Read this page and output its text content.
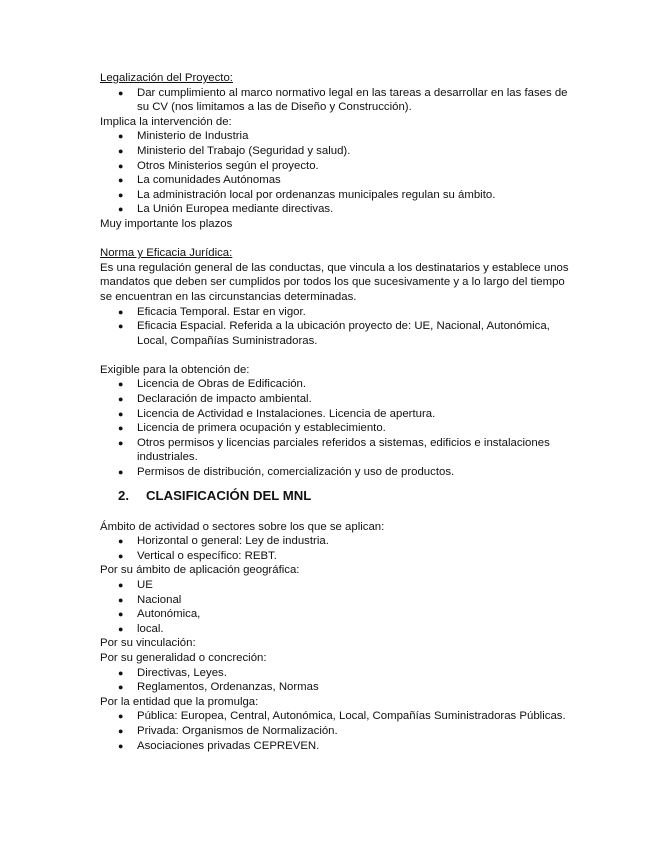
Legalización del Proyecto:

● Dar cumplimiento al marco normativo legal en las tareas a desarrollar en las fases de su CV (nos limitamos a las de Diseño y Construcción).

Implica la intervención de:

● Ministerio de Industria
● Ministerio del Trabajo (Seguridad y salud).
● Otros Ministerios según el proyecto.
● La comunidades Autónomas
● La administración local por ordenanzas municipales regulan su ámbito.
● La Unión Europea mediante directivas.

Muy importante los plazos

Norma y Eficacia Jurídica:

Es una regulación general de las conductas, que vincula a los destinatarios y establece unos mandatos que deben ser cumplidos por todos los que sucesivamente y a lo largo del tiempo se encuentran en las circunstancias determinadas.

● Eficacia Temporal. Estar en vigor.
● Eficacia Espacial. Referida a la ubicación proyecto de: UE, Nacional, Autonómica, Local, Compañías Suministradoras.

Exigible para la obtención de:

● Licencia de Obras de Edificación.
● Declaración de impacto ambiental.
● Licencia de Actividad e Instalaciones. Licencia de apertura.
● Licencia de primera ocupación y establecimiento.
● Otros permisos y licencias parciales referidos a sistemas, edificios e instalaciones industriales.
● Permisos de distribución, comercialización y uso de productos.
2. CLASIFICACIÓN DEL MNL

Ámbito de actividad o sectores sobre los que se aplican:

● Horizontal o general: Ley de industria.
● Vertical o específico: REBT.

Por su ámbito de aplicación geográfica:

● UE
● Nacional
● Autonómica,
● local.

Por su vinculación:

Por su generalidad o concreción:

● Directivas, Leyes.
● Reglamentos, Ordenanzas, Normas

Por la entidad que la promulga:

● Pública: Europea, Central, Autonómica, Local, Compañías Suministradoras Públicas.
● Privada: Organismos de Normalización.
● Asociaciones privadas CEPREVEN.
